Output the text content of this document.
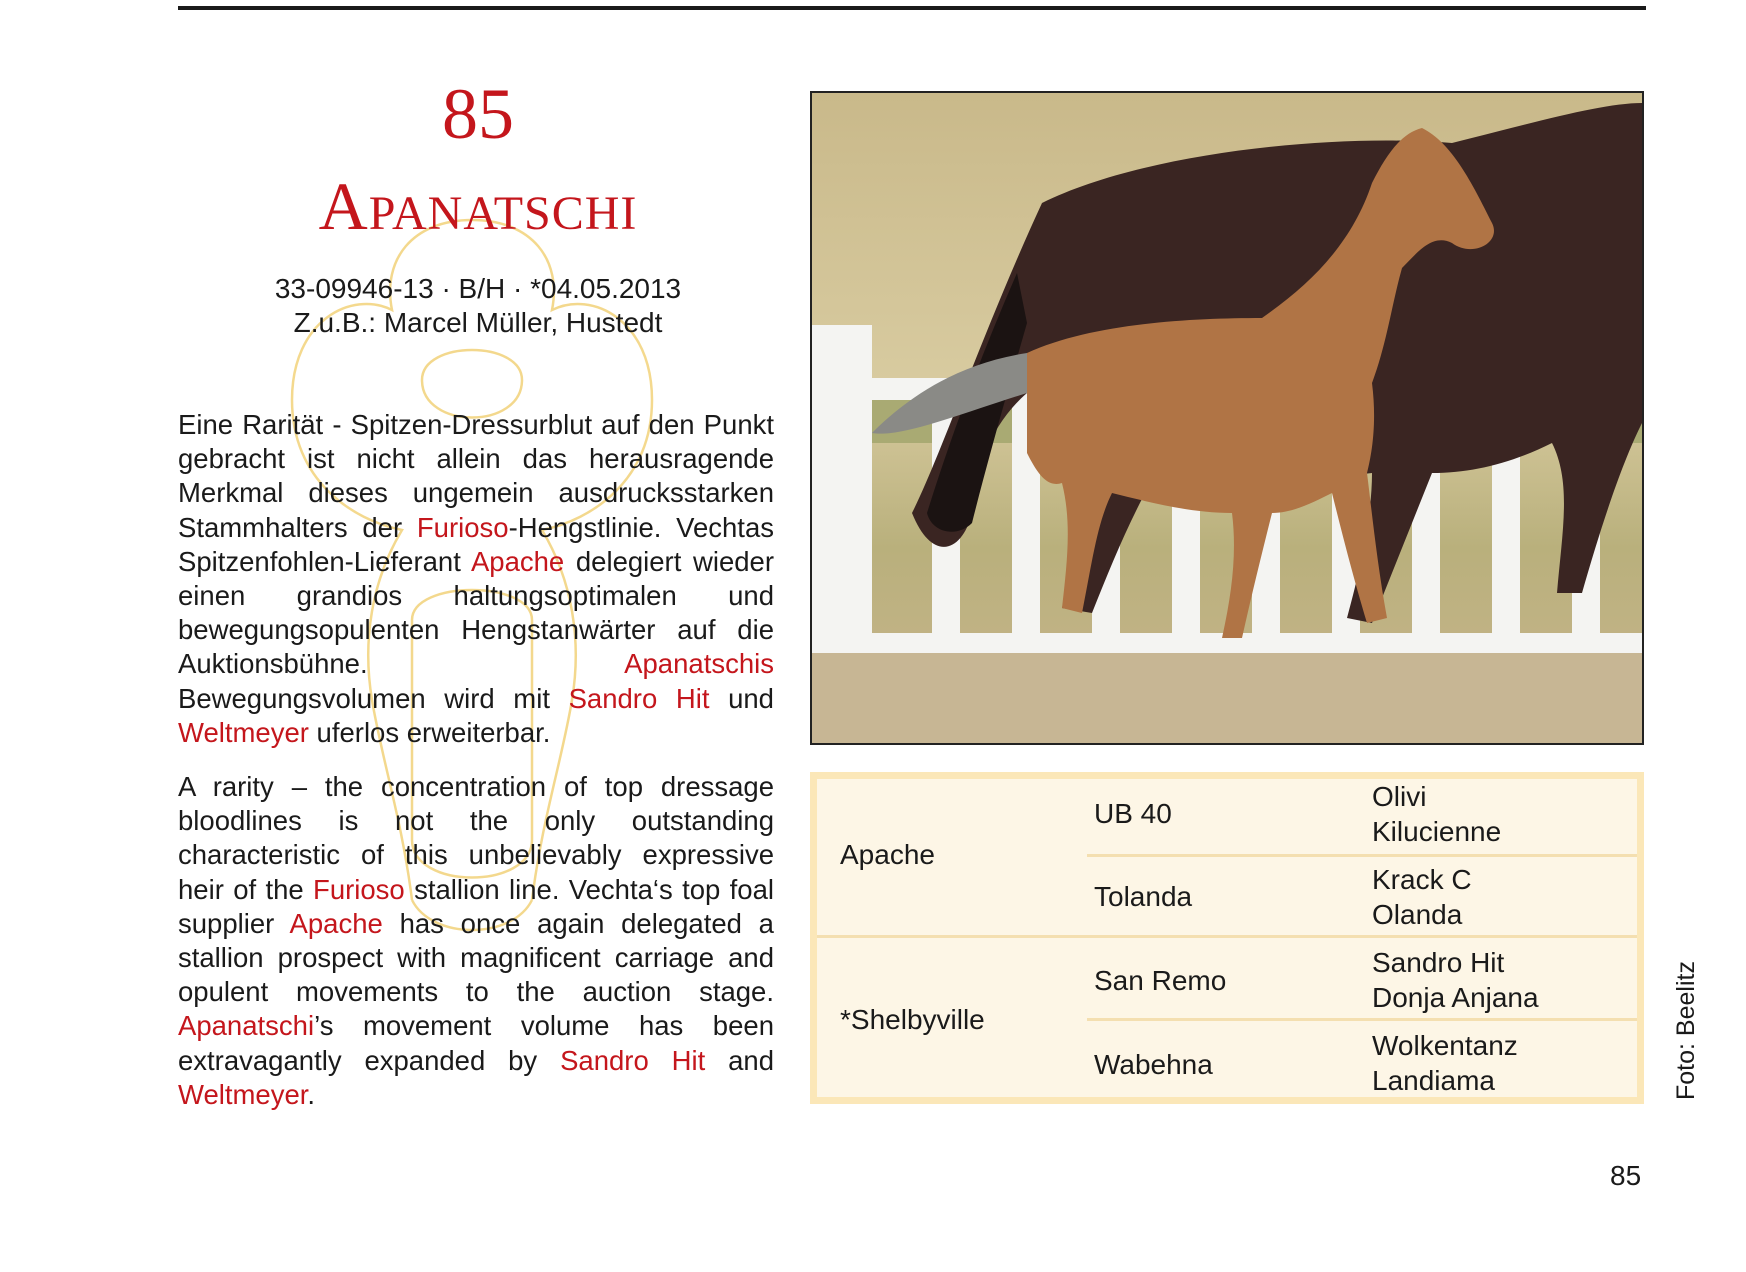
85
Apanatschi
33-09946-13 · B/H · *04.05.2013
Z.u.B.: Marcel Müller, Hustedt
Eine Rarität - Spitzen-Dressurblut auf den Punkt gebracht ist nicht allein das herausragende Merkmal dieses ungemein ausdrucksstarken Stammhalters der Furioso-Hengstlinie. Vechtas Spitzenfohlen-Lieferant Apache delegiert wieder einen grandios haltungsoptimalen und bewegungsopulenten Hengstanwärter auf die Auktionsbühne. Apanatschis Bewegungsvolumen wird mit Sandro Hit und Weltmeyer uferlos erweiterbar.
A rarity – the concentration of top dressage bloodlines is not the only outstanding characteristic of this unbelievably expressive heir of the Furioso stallion line. Vechta‘s top foal supplier Apache has once again delegated a stallion prospect with magnificent carriage and opulent movements to the auction stage. Apanatschi’s movement volume has been extravagantly expanded by Sandro Hit and Weltmeyer.
Apache
*Shelbyville
UB 40
Tolanda
San Remo
Wabehna
Olivi
Kilucienne
Krack C
Olanda
Sandro Hit
Donja Anjana
Wolkentanz
Landiama	Foto: Beelitz
85
